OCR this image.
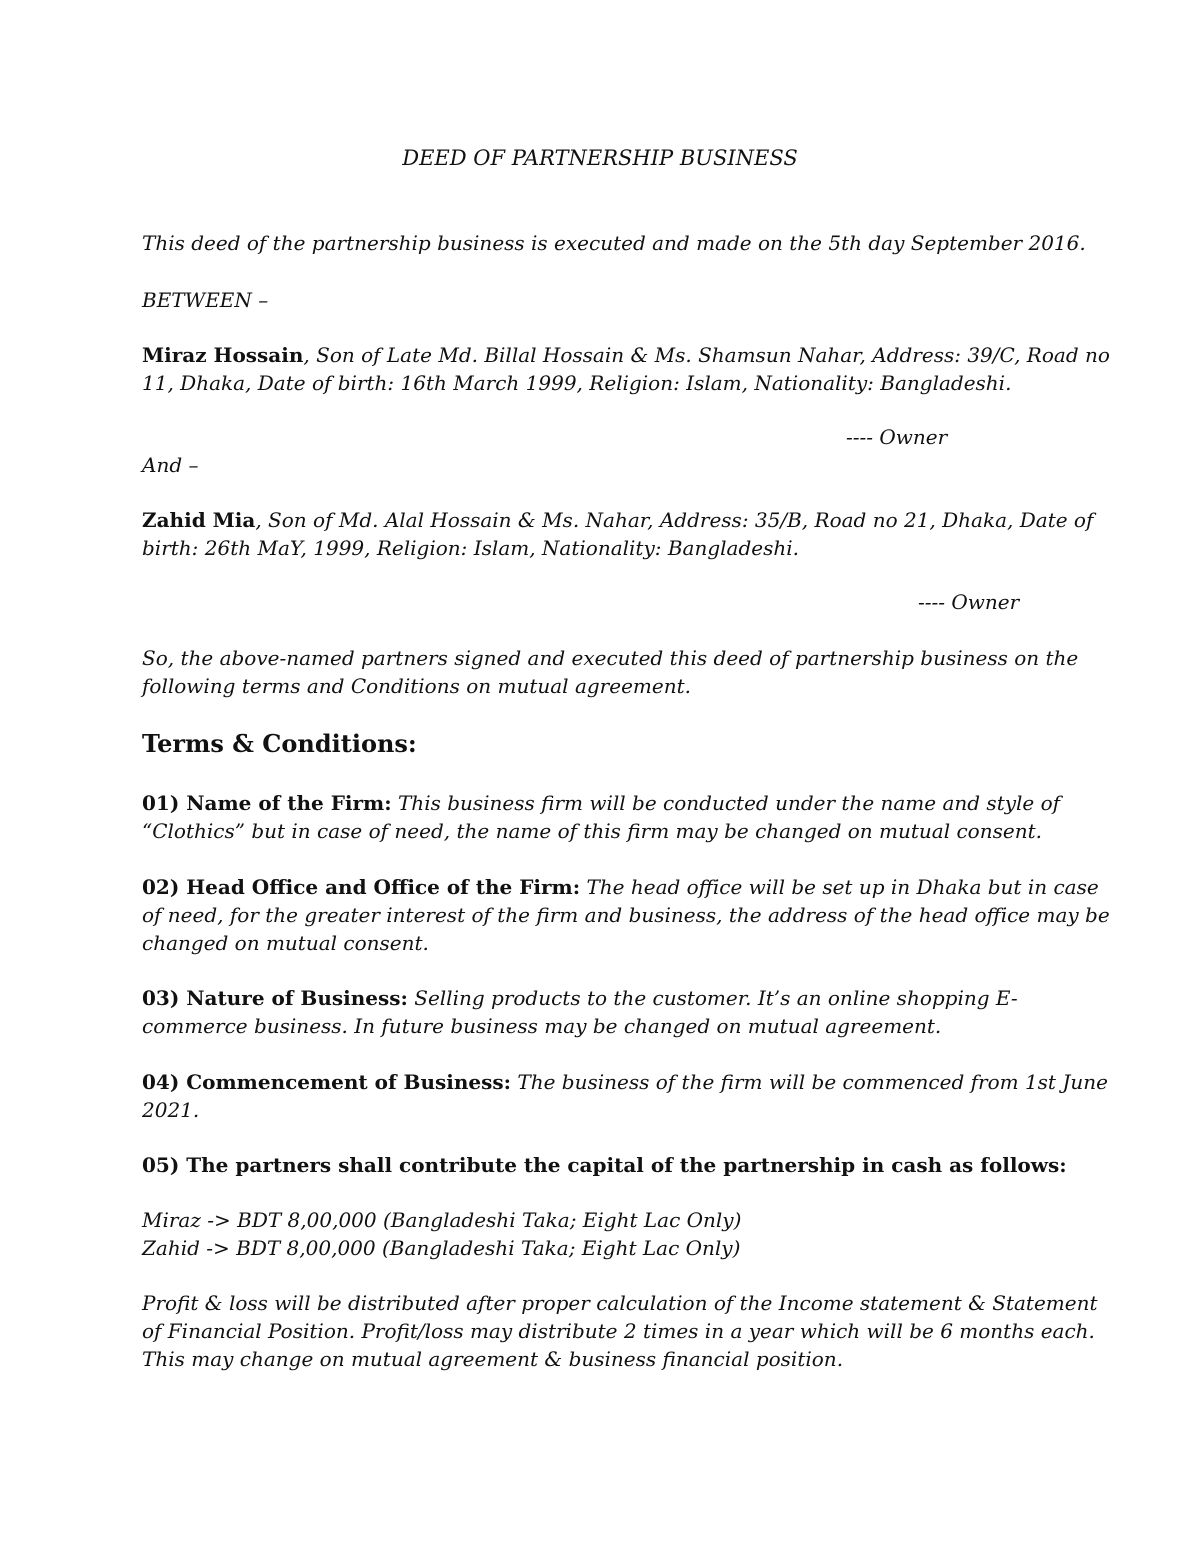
DEED OF PARTNERSHIP BUSINESS

This deed of the partnership business is executed and made on the 5th day September 2016.

BETWEEN –

Miraz Hossain, Son of Late Md. Billal Hossain & Ms. Shamsun Nahar, Address: 39/C, Road no

11, Dhaka, Date of birth: 16th March 1999, Religion: Islam, Nationality: Bangladeshi.

---- Owner

And –

Zahid Mia, Son of Md. Alal Hossain & Ms. Nahar, Address: 35/B, Road no 21, Dhaka, Date of

birth: 26th MaY, 1999, Religion: Islam, Nationality: Bangladeshi.

---- Owner

So, the above-named partners signed and executed this deed of partnership business on the

following terms and Conditions on mutual agreement.

Terms & Conditions:

01) Name of the Firm: This business firm will be conducted under the name and style of

“Clothics” but in case of need, the name of this firm may be changed on mutual consent.

02) Head Office and Office of the Firm: The head office will be set up in Dhaka but in case

of need, for the greater interest of the firm and business, the address of the head office may be

changed on mutual consent.

03) Nature of Business: Selling products to the customer. It’s an online shopping E-

commerce business. In future business may be changed on mutual agreement.

04) Commencement of Business: The business of the firm will be commenced from 1st June

2021.

05) The partners shall contribute the capital of the partnership in cash as follows:

Miraz -> BDT 8,00,000 (Bangladeshi Taka; Eight Lac Only)

Zahid -> BDT 8,00,000 (Bangladeshi Taka; Eight Lac Only)

Profit & loss will be distributed after proper calculation of the Income statement & Statement

of Financial Position. Profit/loss may distribute 2 times in a year which will be 6 months each.

This may change on mutual agreement & business financial position.
